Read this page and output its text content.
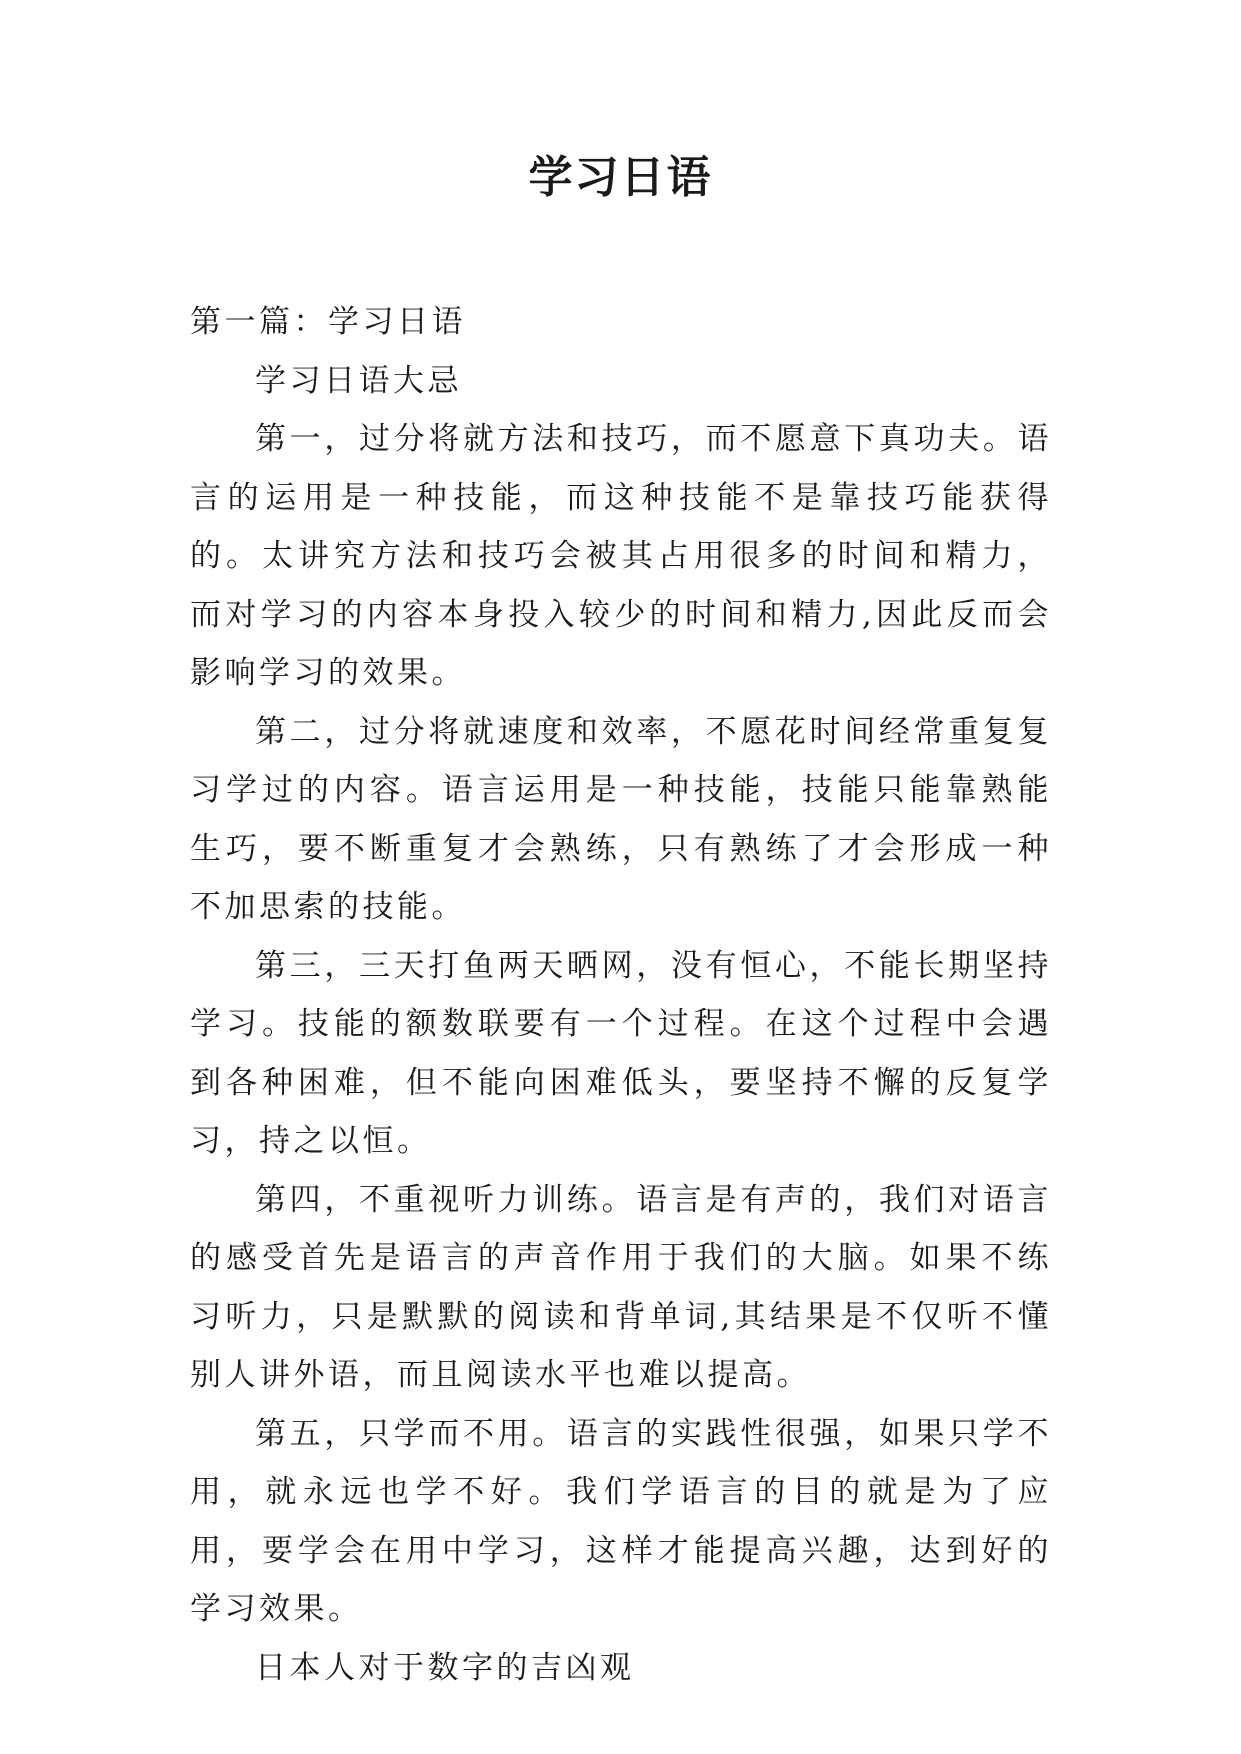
学习日语

第一篇：学习日语

学习日语大忌

第一，过分将就方法和技巧，而不愿意下真功夫。语言的运用是一种技能，而这种技能不是靠技巧能获得的。太讲究方法和技巧会被其占用很多的时间和精力，而对学习的内容本身投入较少的时间和精力,因此反而会影响学习的效果。

第二，过分将就速度和效率，不愿花时间经常重复复习学过的内容。语言运用是一种技能，技能只能靠熟能生巧，要不断重复才会熟练，只有熟练了才会形成一种不加思索的技能。

第三，三天打鱼两天晒网，没有恒心，不能长期坚持学习。技能的额数联要有一个过程。在这个过程中会遇到各种困难，但不能向困难低头，要坚持不懈的反复学习，持之以恒。

第四，不重视听力训练。语言是有声的，我们对语言的感受首先是语言的声音作用于我们的大脑。如果不练习听力，只是默默的阅读和背单词,其结果是不仅听不懂别人讲外语，而且阅读水平也难以提高。

第五，只学而不用。语言的实践性很强，如果只学不用，就永远也学不好。我们学语言的目的就是为了应用，要学会在用中学习，这样才能提高兴趣，达到好的学习效果。

日本人对于数字的吉凶观
